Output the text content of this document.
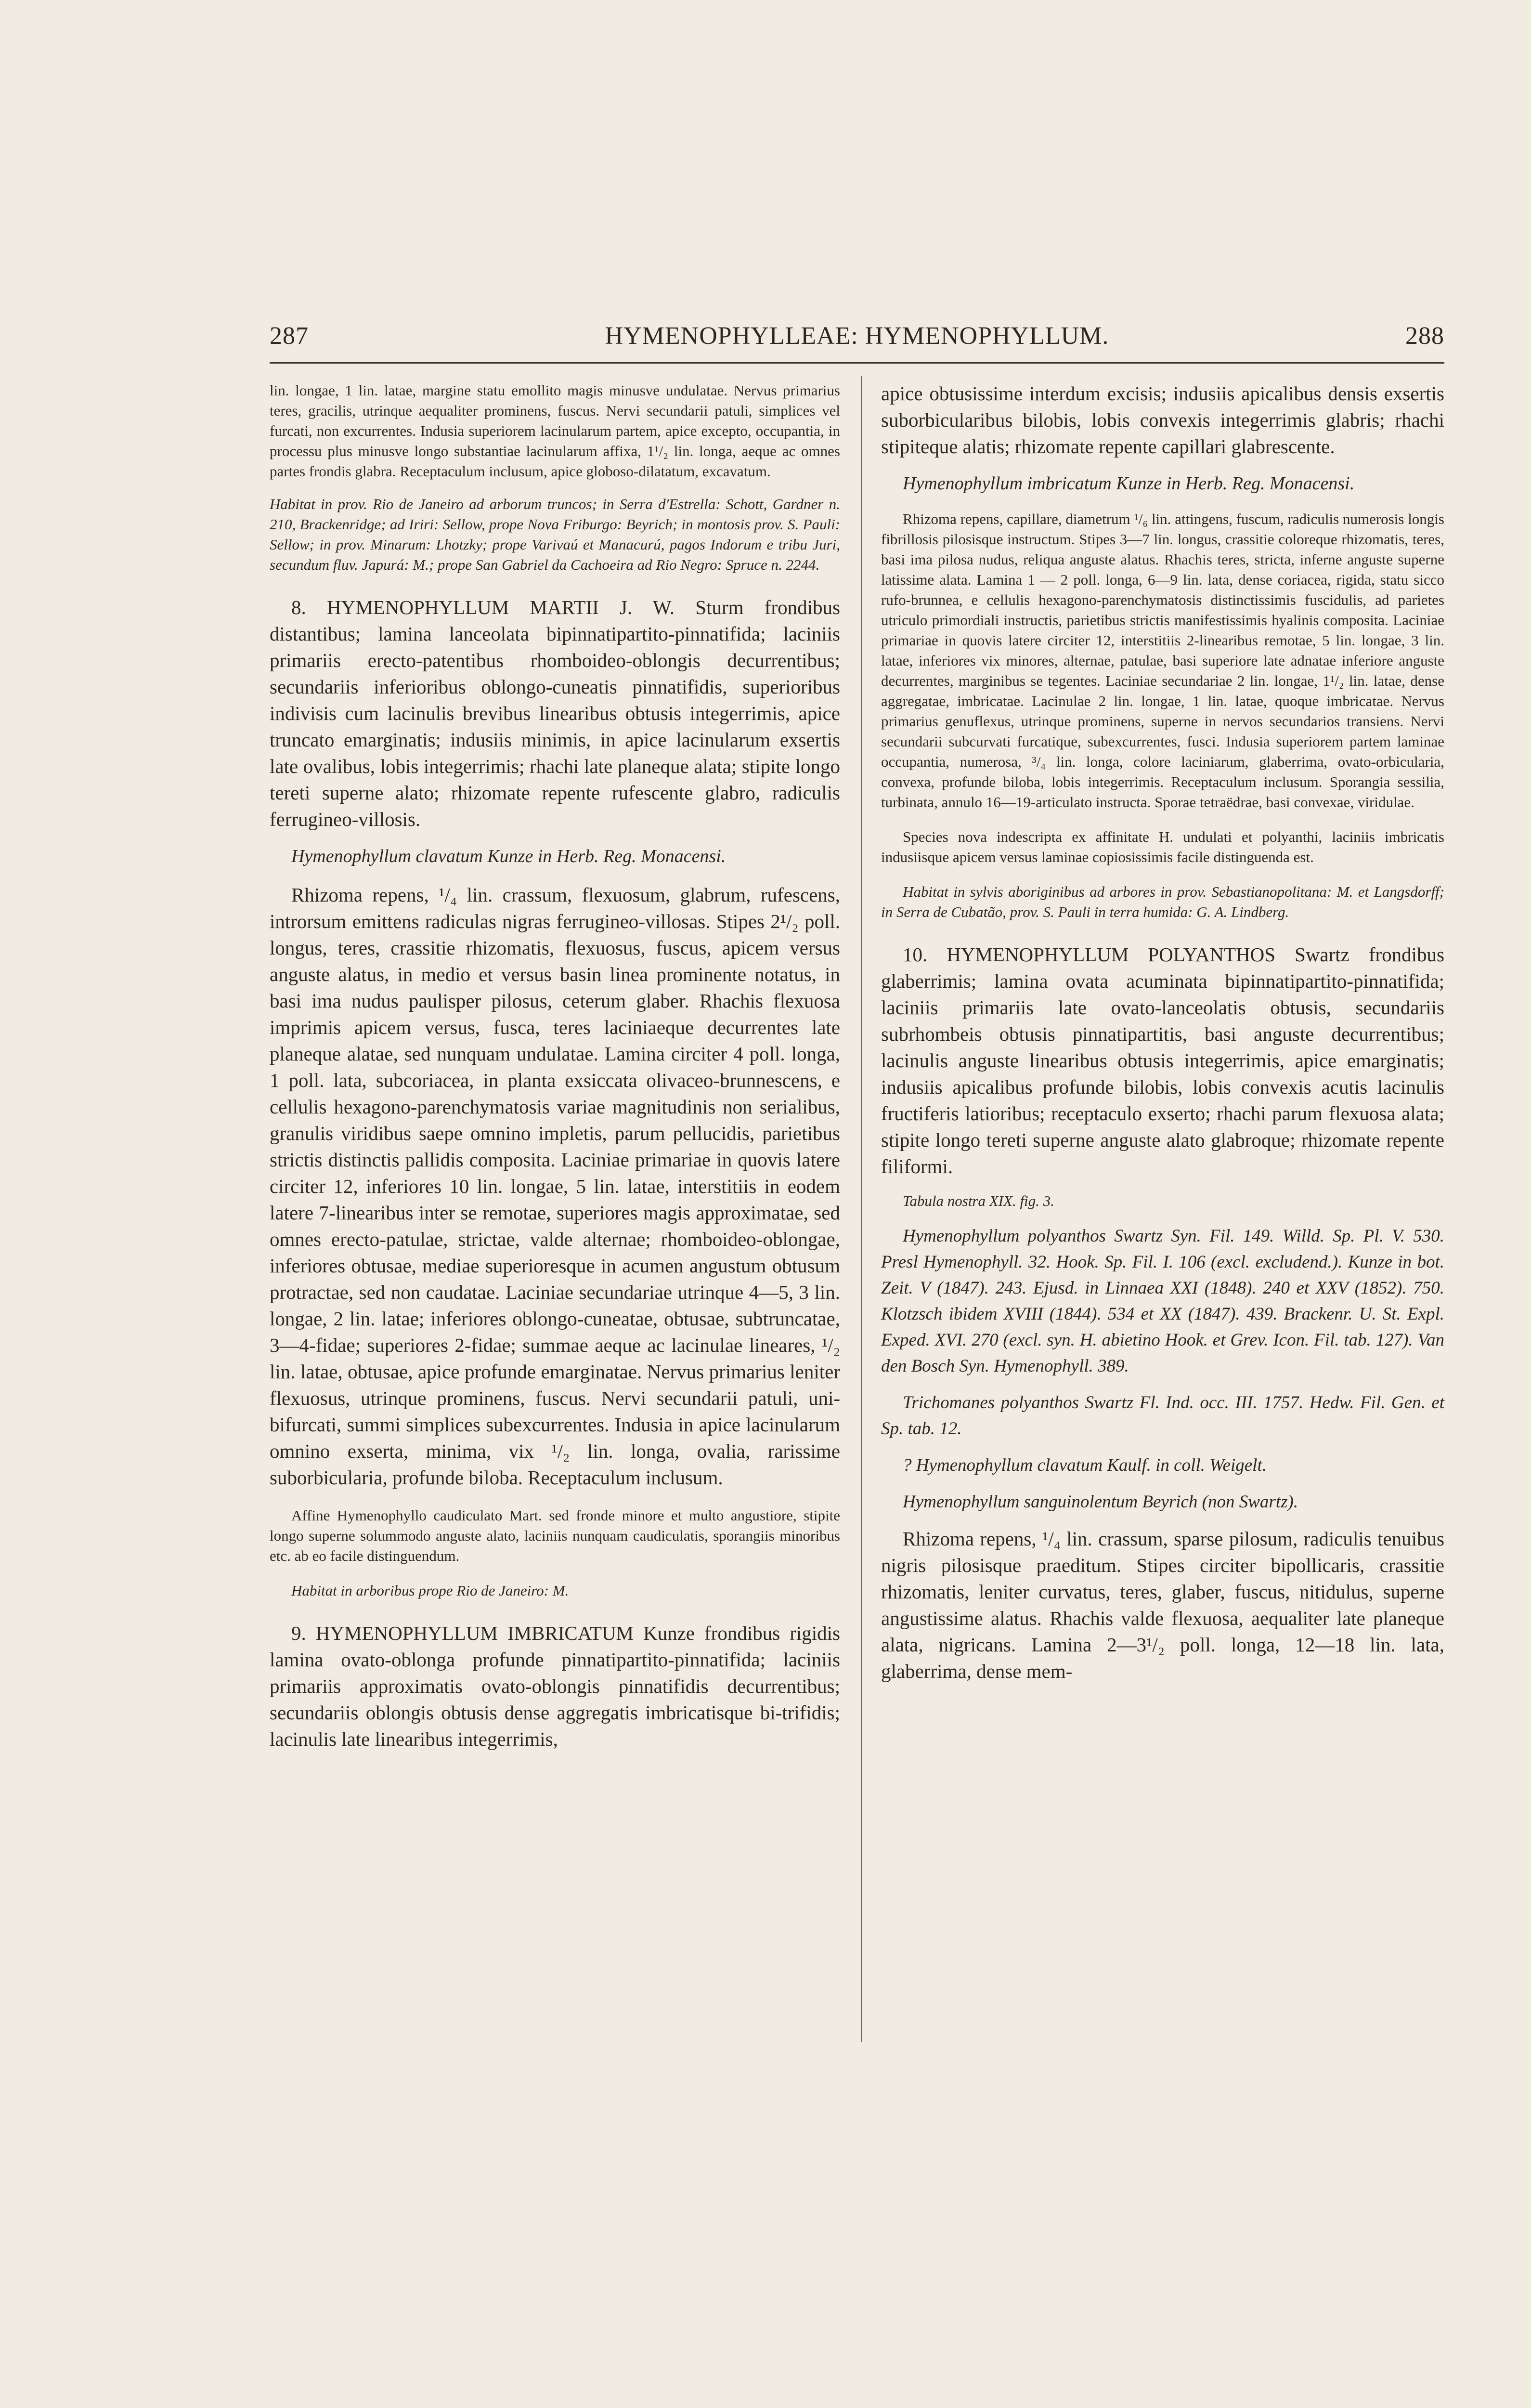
287	HYMENOPHYLLEAE: HYMENOPHYLLUM.	288

lin. longae, 1 lin. latae, margine statu emollito magis minusve undulatae. Nervus primarius teres, gracilis, utrinque aequaliter prominens, fuscus. Nervi secundarii patuli, simplices vel furcati, non excurrentes. Indusia superiorem lacinularum partem, apice excepto, occupantia, in processu plus minusve longo substantiae lacinularum affixa, 1¹/₂ lin. longa, aeque ac omnes partes frondis glabra. Receptaculum inclusum, apice globoso-dilatatum, excavatum.

Habitat in prov. Rio de Janeiro ad arborum truncos; in Serra d'Estrella: Schott, Gardner n. 210, Brackenridge; ad Iriri: Sellow, prope Nova Friburgo: Beyrich; in montosis prov. S. Pauli: Sellow; in prov. Minarum: Lhotzky; prope Varivaú et Manacurú, pagos Indorum e tribu Juri, secundum fluv. Japurá: M.; prope San Gabriel da Cachoeira ad Rio Negro: Spruce n. 2244.

8. HYMENOPHYLLUM MARTII J. W. Sturm frondibus distantibus; lamina lanceolata bipinnatipartito-pinnatifida; laciniis primariis erecto-patentibus rhomboideo-oblongis decurrentibus; secundariis inferioribus oblongo-cuneatis pinnatifidis, superioribus indivisis cum lacinulis brevibus linearibus obtusis integerrimis, apice truncato emarginatis; indusiis minimis, in apice lacinularum exsertis late ovalibus, lobis integerrimis; rhachi late planeque alata; stipite longo tereti superne alato; rhizomate repente rufescente glabro, radiculis ferrugineo-villosis.

Hymenophyllum clavatum Kunze in Herb. Reg. Monacensi.

Rhizoma repens, ¹/₄ lin. crassum, flexuosum, glabrum, rufescens, introrsum emittens radiculas nigras ferrugineo-villosas. Stipes 2¹/₂ poll. longus, teres, crassitie rhizomatis, flexuosus, fuscus, apicem versus anguste alatus, in medio et versus basin linea prominente notatus, in basi ima nudus paulisper pilosus, ceterum glaber. Rhachis flexuosa imprimis apicem versus, fusca, teres laciniaeque decurrentes late planeque alatae, sed nunquam undulatae. Lamina circiter 4 poll. longa, 1 poll. lata, subcoriacea, in planta exsiccata olivaceo-brunnescens, e cellulis hexagono-parenchymatosis variae magnitudinis non serialibus, granulis viridibus saepe omnino impletis, parum pellucidis, parietibus strictis distinctis pallidis composita. Laciniae primariae in quovis latere circiter 12, inferiores 10 lin. longae, 5 lin. latae, interstitiis in eodem latere 7-linearibus inter se remotae, superiores magis approximatae, sed omnes erecto-patulae, strictae, valde alternae; rhomboideo-oblongae, inferiores obtusae, mediae superioresque in acumen angustum obtusum protractae, sed non caudatae. Laciniae secundariae utrinque 4—5, 3 lin. longae, 2 lin. latae; inferiores oblongo-cuneatae, obtusae, subtruncatae, 3—4-fidae; superiores 2-fidae; summae aeque ac lacinulae lineares, ¹/₂ lin. latae, obtusae, apice profunde emarginatae. Nervus primarius leniter flexuosus, utrinque prominens, fuscus. Nervi secundarii patuli, uni-bifurcati, summi simplices subexcurrentes. Indusia in apice lacinularum omnino exserta, minima, vix ¹/₂ lin. longa, ovalia, rarissime suborbicularia, profunde biloba. Receptaculum inclusum.

Affine Hymenophyllo caudiculato Mart. sed fronde minore et multo angustiore, stipite longo superne solummodo anguste alato, laciniis nunquam caudiculatis, sporangiis minoribus etc. ab eo facile distinguendum.

Habitat in arboribus prope Rio de Janeiro: M.

9. HYMENOPHYLLUM IMBRICATUM Kunze frondibus rigidis lamina ovato-oblonga profunde pinnatipartito-pinnatifida; laciniis primariis approximatis ovato-oblongis pinnatifidis decurrentibus; secundariis oblongis obtusis dense aggregatis imbricatisque bi-trifidis; lacinulis late linearibus integerrimis,

apice obtusissime interdum excisis; indusiis apicalibus densis exsertis suborbicularibus bilobis, lobis convexis integerrimis glabris; rhachi stipiteque alatis; rhizomate repente capillari glabrescente.

Hymenophyllum imbricatum Kunze in Herb. Reg. Monacensi.

Rhizoma repens, capillare, diametrum ¹/₆ lin. attingens, fuscum, radiculis numerosis longis fibrillosis pilosisque instructum. Stipes 3—7 lin. longus, crassitie coloreque rhizomatis, teres, basi ima pilosa nudus, reliqua anguste alatus. Rhachis teres, stricta, inferne anguste superne latissime alata. Lamina 1 — 2 poll. longa, 6—9 lin. lata, dense coriacea, rigida, statu sicco rufo-brunnea, e cellulis hexagono-parenchymatosis distinctissimis fuscidulis, ad parietes utriculo primordiali instructis, parietibus strictis manifestissimis hyalinis composita. Laciniae primariae in quovis latere circiter 12, interstitiis 2-linearibus remotae, 5 lin. longae, 3 lin. latae, inferiores vix minores, alternae, patulae, basi superiore late adnatae inferiore anguste decurrentes, marginibus se tegentes. Laciniae secundariae 2 lin. longae, 1¹/₂ lin. latae, dense aggregatae, imbricatae. Lacinulae 2 lin. longae, 1 lin. latae, quoque imbricatae. Nervus primarius genuflexus, utrinque prominens, superne in nervos secundarios transiens. Nervi secundarii subcurvati furcatique, subexcurrentes, fusci. Indusia superiorem partem laminae occupantia, numerosa, ³/₄ lin. longa, colore laciniarum, glaberrima, ovato-orbicularia, convexa, profunde biloba, lobis integerrimis. Receptaculum inclusum. Sporangia sessilia, turbinata, annulo 16—19-articulato instructa. Sporae tetraëdrae, basi convexae, viridulae.

Species nova indescripta ex affinitate H. undulati et polyanthi, laciniis imbricatis indusiisque apicem versus laminae copiosissimis facile distinguenda est.

Habitat in sylvis aboriginibus ad arbores in prov. Sebastianopolitana: M. et Langsdorff; in Serra de Cubatão, prov. S. Pauli in terra humida: G. A. Lindberg.

10. HYMENOPHYLLUM POLYANTHOS Swartz frondibus glaberrimis; lamina ovata acuminata bipinnatipartito-pinnatifida; laciniis primariis late ovato-lanceolatis obtusis, secundariis subrhombeis obtusis pinnatipartitis, basi anguste decurrentibus; lacinulis anguste linearibus obtusis integerrimis, apice emarginatis; indusiis apicalibus profunde bilobis, lobis convexis acutis lacinulis fructiferis latioribus; receptaculo exserto; rhachi parum flexuosa alata; stipite longo tereti superne anguste alato glabroque; rhizomate repente filiformi.

Tabula nostra XIX. fig. 3.

Hymenophyllum polyanthos Swartz Syn. Fil. 149. Willd. Sp. Pl. V. 530. Presl Hymenophyll. 32. Hook. Sp. Fil. I. 106 (excl. excludend.). Kunze in bot. Zeit. V (1847). 243. Ejusd. in Linnaea XXI (1848). 240 et XXV (1852). 750. Klotzsch ibidem XVIII (1844). 534 et XX (1847). 439. Brackenr. U. St. Expl. Exped. XVI. 270 (excl. syn. H. abietino Hook. et Grev. Icon. Fil. tab. 127). Van den Bosch Syn. Hymenophyll. 389.

Trichomanes polyanthos Swartz Fl. Ind. occ. III. 1757. Hedw. Fil. Gen. et Sp. tab. 12.

? Hymenophyllum clavatum Kaulf. in coll. Weigelt.

Hymenophyllum sanguinolentum Beyrich (non Swartz).

Rhizoma repens, ¹/₄ lin. crassum, sparse pilosum, radiculis tenuibus nigris pilosisque praeditum. Stipes circiter bipollicaris, crassitie rhizomatis, leniter curvatus, teres, glaber, fuscus, nitidulus, superne angustissime alatus. Rhachis valde flexuosa, aequaliter late planeque alata, nigricans. Lamina 2—3¹/₂ poll. longa, 12—18 lin. lata, glaberrima, dense mem-
